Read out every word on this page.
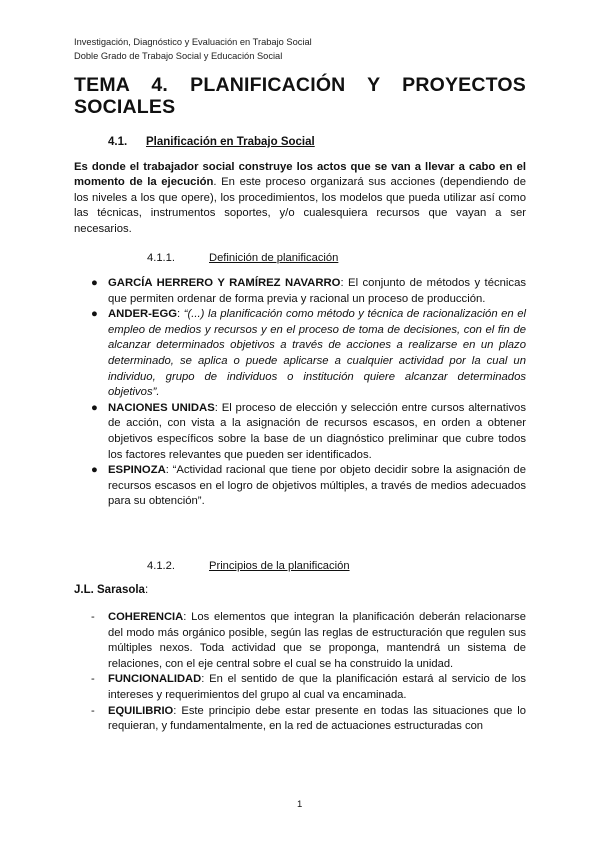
Investigación, Diagnóstico y Evaluación en Trabajo Social
Doble Grado de Trabajo Social y Educación Social
TEMA 4. PLANIFICACIÓN Y PROYECTOS
SOCIALES
4.1. Planificación en Trabajo Social
Es donde el trabajador social construye los actos que se van a llevar a cabo en el momento de la ejecución. En este proceso organizará sus acciones (dependiendo de los niveles a los que opere), los procedimientos, los modelos que pueda utilizar así como las técnicas, instrumentos soportes, y/o cualesquiera recursos que vayan a ser necesarios.
4.1.1.	Definición de planificación
● GARCÍA HERRERO Y RAMÍREZ NAVARRO: El conjunto de métodos y técnicas que permiten ordenar de forma previa y racional un proceso de producción.
● ANDER-EGG: “(...) la planificación como método y técnica de racionalización en el empleo de medios y recursos y en el proceso de toma de decisiones, con el fin de alcanzar determinados objetivos a través de acciones a realizarse en un plazo determinado, se aplica o puede aplicarse a cualquier actividad por la cual un individuo, grupo de individuos o institución quiere alcanzar determinados objetivos”.
● NACIONES UNIDAS: El proceso de elección y selección entre cursos alternativos de acción, con vista a la asignación de recursos escasos, en orden a obtener objetivos específicos sobre la base de un diagnóstico preliminar que cubre todos los factores relevantes que pueden ser identificados.
● ESPINOZA: “Actividad racional que tiene por objeto decidir sobre la asignación de recursos escasos en el logro de objetivos múltiples, a través de medios adecuados para su obtención”.
4.1.2.	Principios de la planificación
J.L. Sarasola:
- COHERENCIA: Los elementos que integran la planificación deberán relacionarse del modo más orgánico posible, según las reglas de estructuración que regulen sus múltiples nexos. Toda actividad que se proponga, mantendrá un sistema de relaciones, con el eje central sobre el cual se ha construido la unidad.
- FUNCIONALIDAD: En el sentido de que la planificación estará al servicio de los intereses y requerimientos del grupo al cual va encaminada.
- EQUILIBRIO: Este principio debe estar presente en todas las situaciones que lo requieran, y fundamentalmente, en la red de actuaciones estructuradas con
1
